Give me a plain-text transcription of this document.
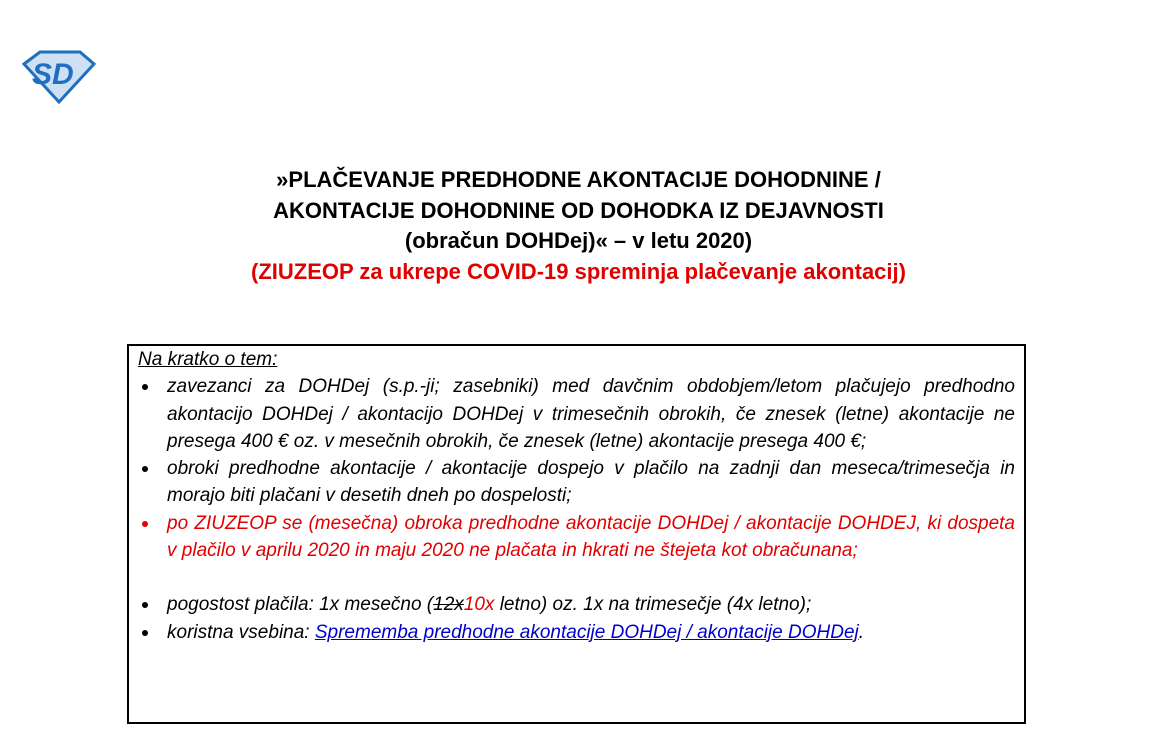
SD
»PLAČEVANJE PREDHODNE AKONTACIJE DOHODNINE /
AKONTACIJE DOHODNINE OD DOHODKA IZ DEJAVNOSTI
(obračun DOHDej)« – v letu 2020)
(ZIUZEOP za ukrepe COVID-19 spreminja plačevanje akontacij)
Na kratko o tem:
zavezanci za DOHDej (s.p.-ji; zasebniki) med davčnim obdobjem/letom plačujejo predhodno akontacijo DOHDej / akontacijo DOHDej v trimesečnih obrokih, če znesek (letne) akontacije ne presega 400 € oz. v mesečnih obrokih, če znesek (letne) akontacije presega 400 €;
obroki predhodne akontacije / akontacije dospejo v plačilo na zadnji dan meseca/trimesečja in morajo biti plačani v desetih dneh po dospelosti;
po ZIUZEOP se (mesečna) obroka predhodne akontacije DOHDej / akontacije DOHDEJ, ki dospeta v plačilo v aprilu 2020 in maju 2020 ne plačata in hkrati ne štejeta kot obračunana;
pogostost plačila: 1x mesečno (12x10x letno) oz. 1x na trimesečje (4x letno);
koristna vsebina: Sprememba predhodne akontacije DOHDej / akontacije DOHDej.
